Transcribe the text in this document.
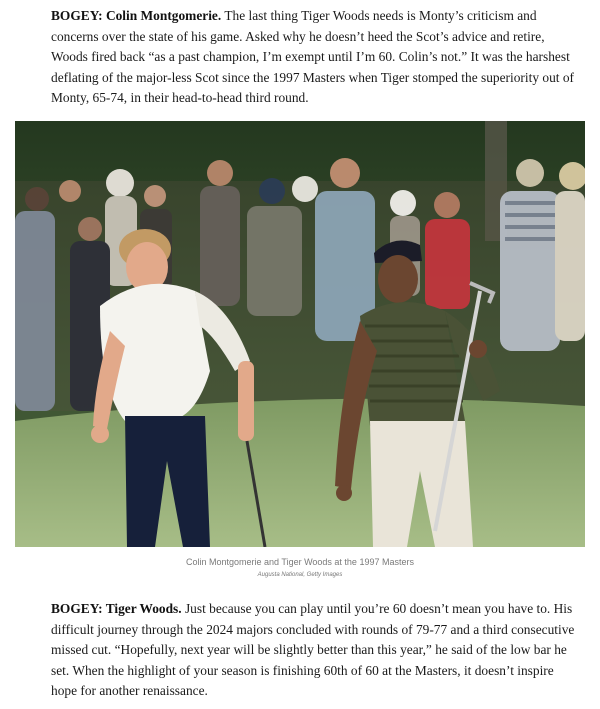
BOGEY: Colin Montgomerie. The last thing Tiger Woods needs is Monty’s criticism and concerns over the state of his game. Asked why he doesn’t heed the Scot’s advice and retire, Woods fired back “as a past champion, I’m exempt until I’m 60. Colin’s not.” It was the harshest deflating of the major-less Scot since the 1997 Masters when Tiger stomped the superiority out of Monty, 65-74, in their head-to-head third round.

Colin Montgomerie and Tiger Woods at the 1997 Masters
Augusta National, Getty Images

BOGEY: Tiger Woods. Just because you can play until you’re 60 doesn’t mean you have to. His difficult journey through the 2024 majors concluded with rounds of 79-77 and a third consecutive missed cut. “Hopefully, next year will be slightly better than this year,” he said of the low bar he set. When the highlight of your season is finishing 60th of 60 at the Masters, it doesn’t inspire hope for another renaissance.
